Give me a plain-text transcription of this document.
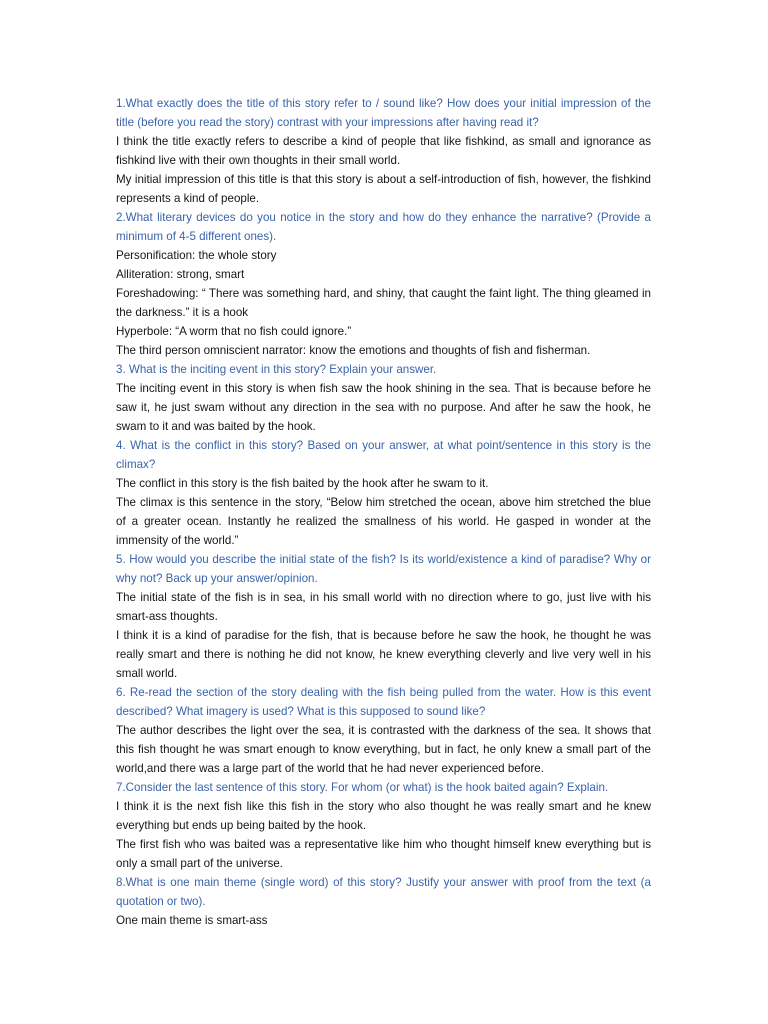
1.What exactly does the title of this story refer to / sound like? How does your initial impression of the title (before you read the story) contrast with your impressions after having read it?

I think the title exactly refers to describe a kind of people that like fishkind, as small and ignorance as fishkind live with their own thoughts in their small world.

My initial impression of this title is that this story is about a self-introduction of fish, however, the fishkind represents a kind of people.

2.What literary devices do you notice in the story and how do they enhance the narrative? (Provide a minimum of 4-5 different ones).

Personification: the whole story

Alliteration: strong, smart

Foreshadowing: “ There was something hard, and shiny, that caught the faint light. The thing gleamed in the darkness.” it is a hook

Hyperbole: “A worm that no fish could ignore.”

The third person omniscient narrator: know the emotions and thoughts of fish and fisherman.

3. What is the inciting event in this story? Explain your answer.

The inciting event in this story is when fish saw the hook shining in the sea. That is because before he saw it, he just swam without any direction in the sea with no purpose. And after he saw the hook, he swam to it and was baited by the hook.

4. What is the conflict in this story? Based on your answer, at what point/sentence in this story is the climax?

The conflict in this story is the fish baited by the hook after he swam to it.

The climax is this sentence in the story, “Below him stretched the ocean, above him stretched the blue of a greater ocean. Instantly he realized the smallness of his world. He gasped in wonder at the immensity of the world.”

5. How would you describe the initial state of the fish? Is its world/existence a kind of paradise? Why or why not? Back up your answer/opinion.

The initial state of the fish is in sea, in his small world with no direction where to go, just live with his smart-ass thoughts.

I think it is a kind of paradise for the fish, that is because before he saw the hook, he thought he was really smart and there is nothing he did not know, he knew everything cleverly and live very well in his small world.

6. Re-read the section of the story dealing with the fish being pulled from the water. How is this event described? What imagery is used? What is this supposed to sound like?

The author describes the light over the sea, it is contrasted with the darkness of the sea. It shows that this fish thought he was smart enough to know everything, but in fact, he only knew a small part of the world,and there was a large part of the world that he had never experienced before.

7.Consider the last sentence of this story. For whom (or what) is the hook baited again? Explain.

I think it is the next fish like this fish in the story who also thought he was really smart and he knew everything but ends up being baited by the hook.

The first fish who was baited was a representative like him who thought himself knew everything but is only a small part of the universe.

8.What is one main theme (single word) of this story? Justify your answer with proof from the text (a quotation or two).

One main theme is smart-ass
